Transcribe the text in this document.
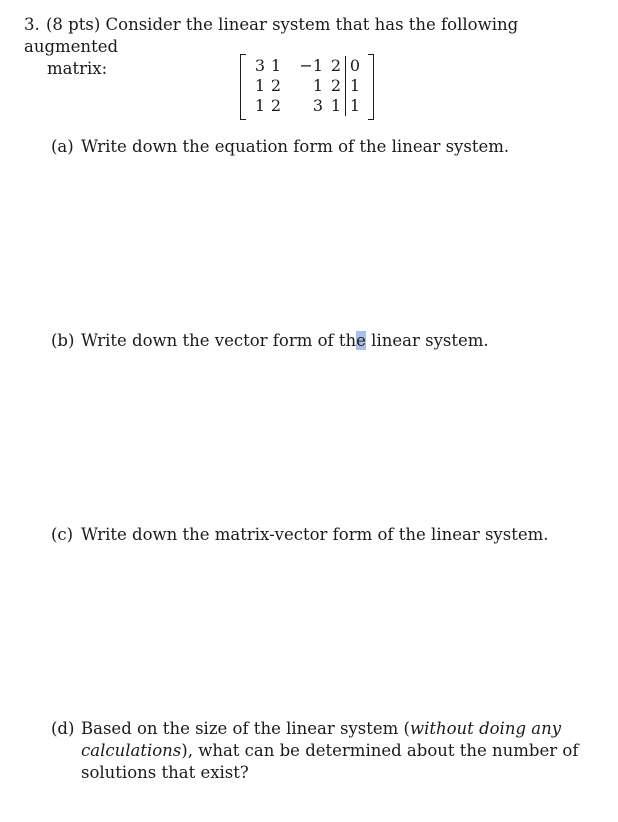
3. (8 pts) Consider the linear system that has the following augmented
matrix:	3	1	−1	2	0
1	2	1	2	1
1	2	3	1	1
(a) Write down the equation form of the linear system.
(b) Write down the vector form of the linear system.
(c) Write down the matrix-vector form of the linear system.
(d) Based on the size of the linear system (without doing any
calculations), what can be determined about the number of
solutions that exist?
